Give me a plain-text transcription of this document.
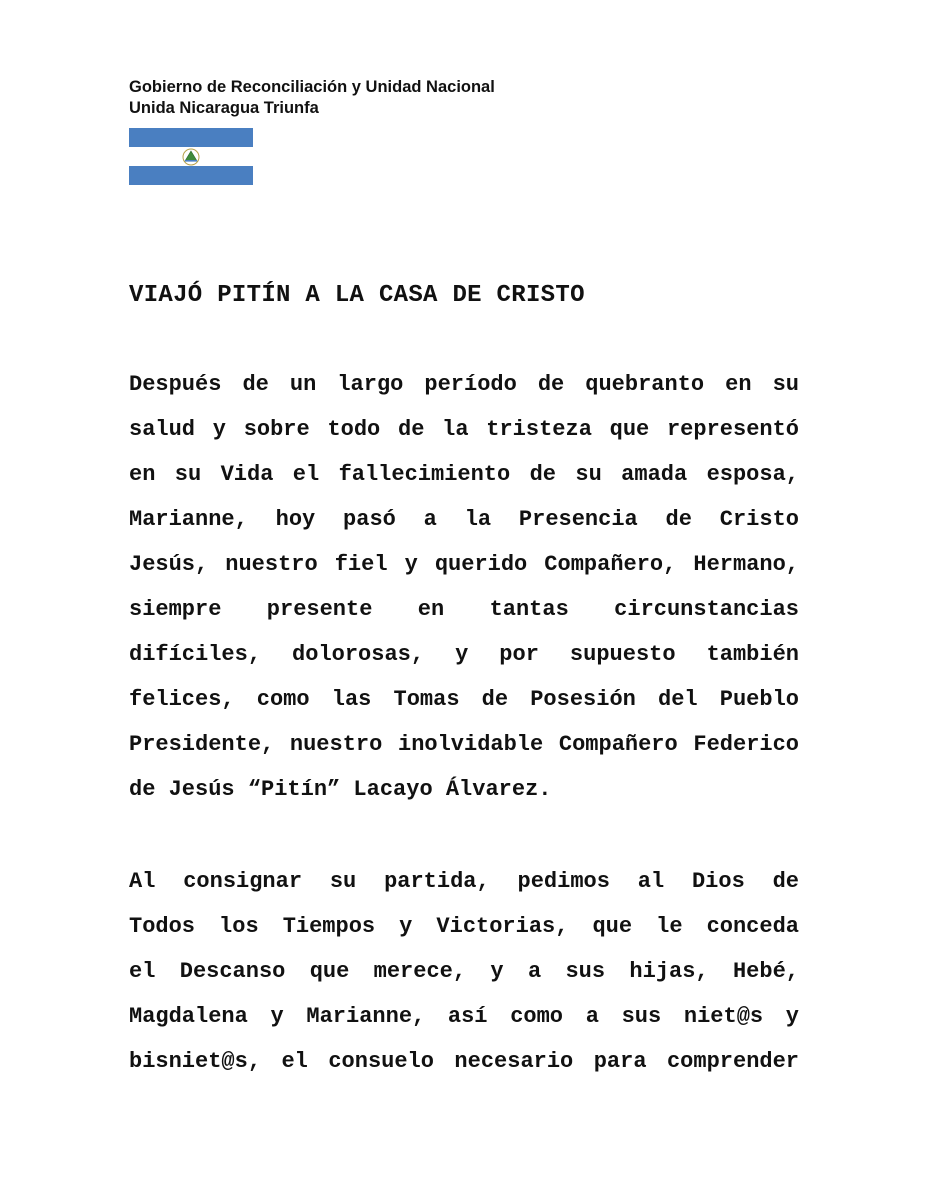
Gobierno de Reconciliación y Unidad Nacional
Unida Nicaragua Triunfa
VIAJÓ PITÍN A LA CASA DE CRISTO
Después de un largo período de quebranto en su
salud y sobre todo de la tristeza que representó
en su Vida el fallecimiento de su amada esposa,
Marianne, hoy pasó a la Presencia de Cristo
Jesús, nuestro fiel y querido Compañero, Hermano,
siempre presente en tantas circunstancias
difíciles, dolorosas, y por supuesto también
felices, como las Tomas de Posesión del Pueblo
Presidente, nuestro inolvidable Compañero Federico
de Jesús “Pitín” Lacayo Álvarez.
Al consignar su partida, pedimos al Dios de
Todos los Tiempos y Victorias, que le conceda
el Descanso que merece, y a sus hijas, Hebé,
Magdalena y Marianne, así como a sus niet@s y
bisniet@s, el consuelo necesario para comprender
